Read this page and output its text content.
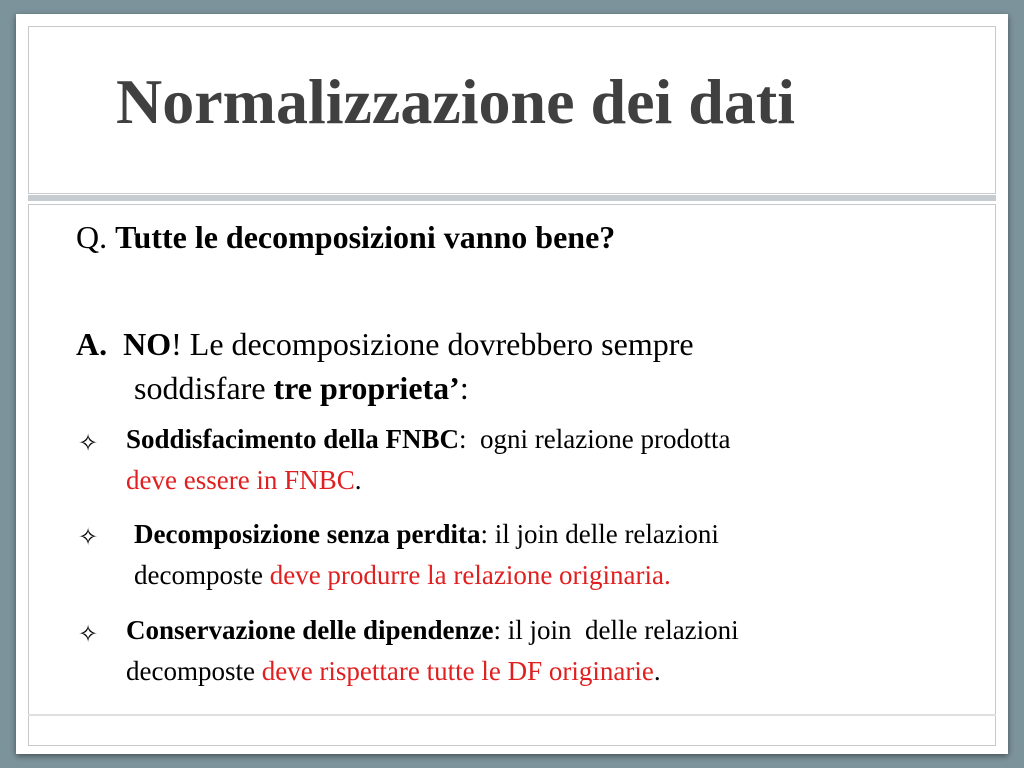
Normalizzazione dei dati
Q. Tutte le decomposizioni vanno bene?
A. NO! Le decomposizione dovrebbero sempre
soddisfare tre proprieta’:
✧ Soddisfacimento della FNBC:  ogni relazione prodotta
deve essere in FNBC.
✧ Decomposizione senza perdita: il join delle relazioni
decomposte deve produrre la relazione originaria.
✧ Conservazione delle dipendenze: il join  delle relazioni
decomposte deve rispettare tutte le DF originarie.
